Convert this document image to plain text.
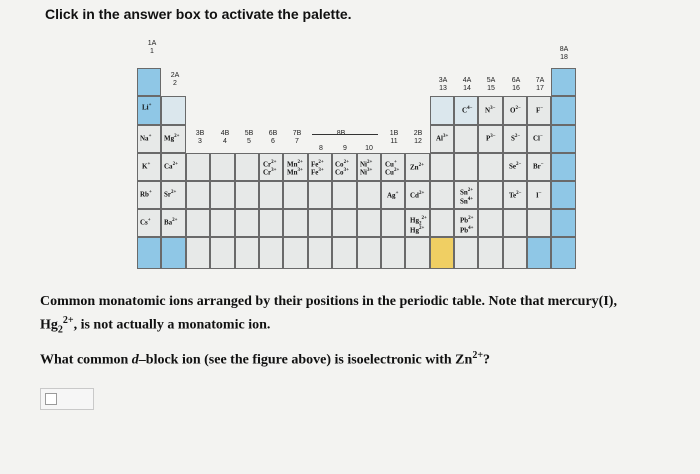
Click in the answer box to activate the palette.
1A
1
2A
2
3B
3
4B
4
5B
5
6B
6
7B
7
8B
8	9	10
1B
11
2B
12
3A
13
4A
14
5A
15
6A
16
7A
17
8A
18
Li+
Na+ $Mg^{2+}$
K+ $Ca^{2+}$
Rb+ $Sr^{2+}$
Cs+ $Ba^{2+}$
$Cr^{2+}$
$Cr^{3+}$
$Mn^{2+}$
$Mn^{3+}$
$Fe^{2+}$
$Fe^{3+}$
$Co^{2+}$
$Co^{3+}$
$Ni^{2+}$
$Ni^{3+}$
Cu+
$Cu^{2+}$ $Zn^{2+}$
Ag+ $Cd^{2+}$
$Hg_2^{2+}$
$Hg^{2+}$
$Al^{3+}$
$Sn^{2+}$
$Sn^{4+}$
$Pb^{2+}$
$Pb^{4+}$
$C^{4-}$ $N^{3-}$ $O^{2-}$ F−
$P^{3-}$ $S^{2-}$ Cl−
$Se^{2-}$ Br−
$Te^{2-}$ I−
Common monatomic ions arranged by their positions in the periodic table. Note that mercury(I),
$Hg_2^{2+}$, is not actually a monatomic ion.
What common d–block ion (see the figure above) is isoelectronic with $Zn^{2+}$?
